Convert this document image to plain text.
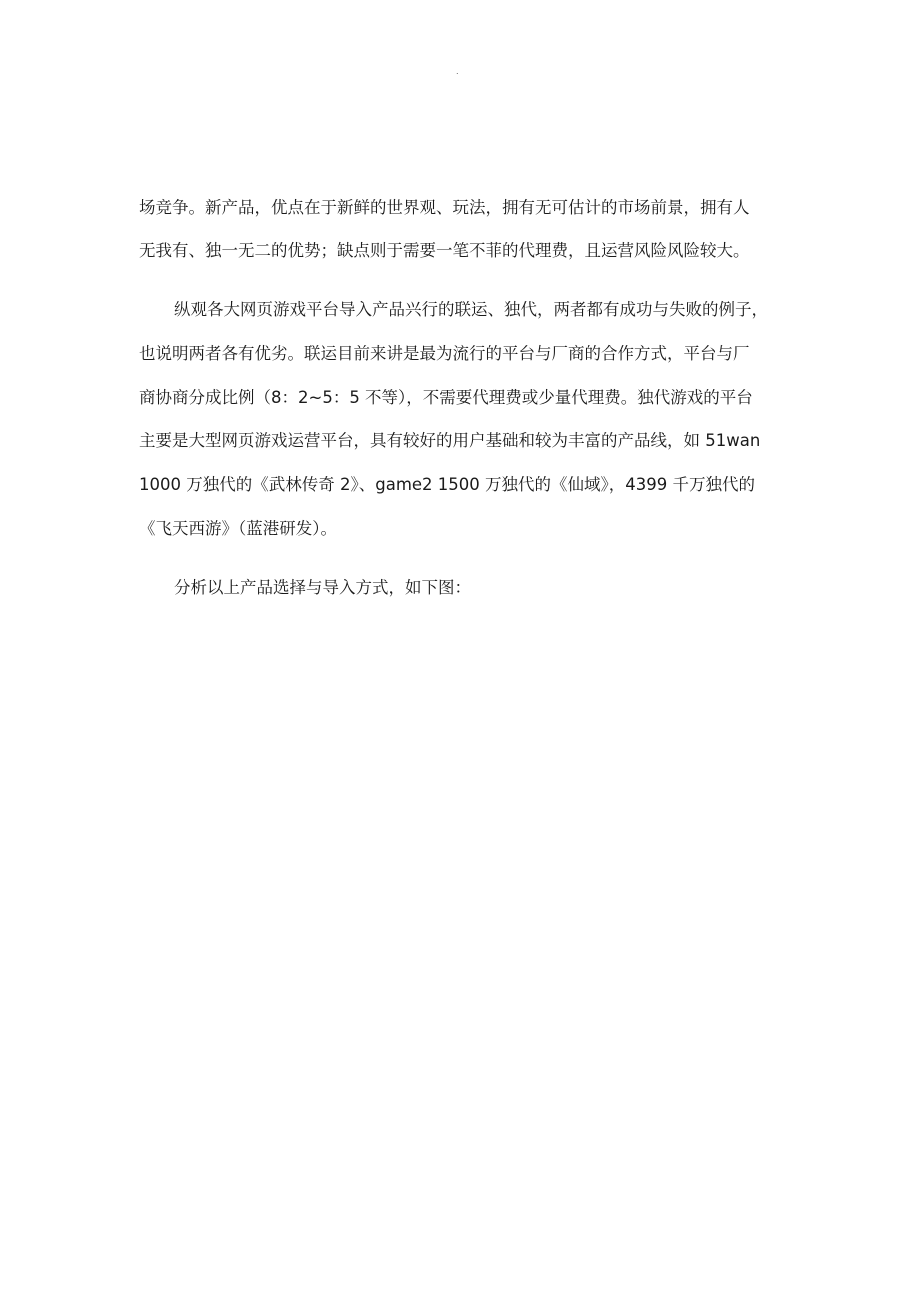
.
场竞争。新产品，优点在于新鲜的世界观、玩法，拥有无可估计的市场前景，拥有人
无我有、独一无二的优势；缺点则于需要一笔不菲的代理费，且运营风险风险较大。
纵观各大网页游戏平台导入产品兴行的联运、独代，两者都有成功与失败的例子，
也说明两者各有优劣。联运目前来讲是最为流行的平台与厂商的合作方式，平台与厂
商协商分成比例（8：2~5：5 不等），不需要代理费或少量代理费。独代游戏的平台
主要是大型网页游戏运营平台，具有较好的用户基础和较为丰富的产品线，如 51wan
1000 万独代的《武林传奇 2》、game2 1500 万独代的《仙域》，4399 千万独代的
《飞天西游》（蓝港研发）。
分析以上产品选择与导入方式，如下图：
